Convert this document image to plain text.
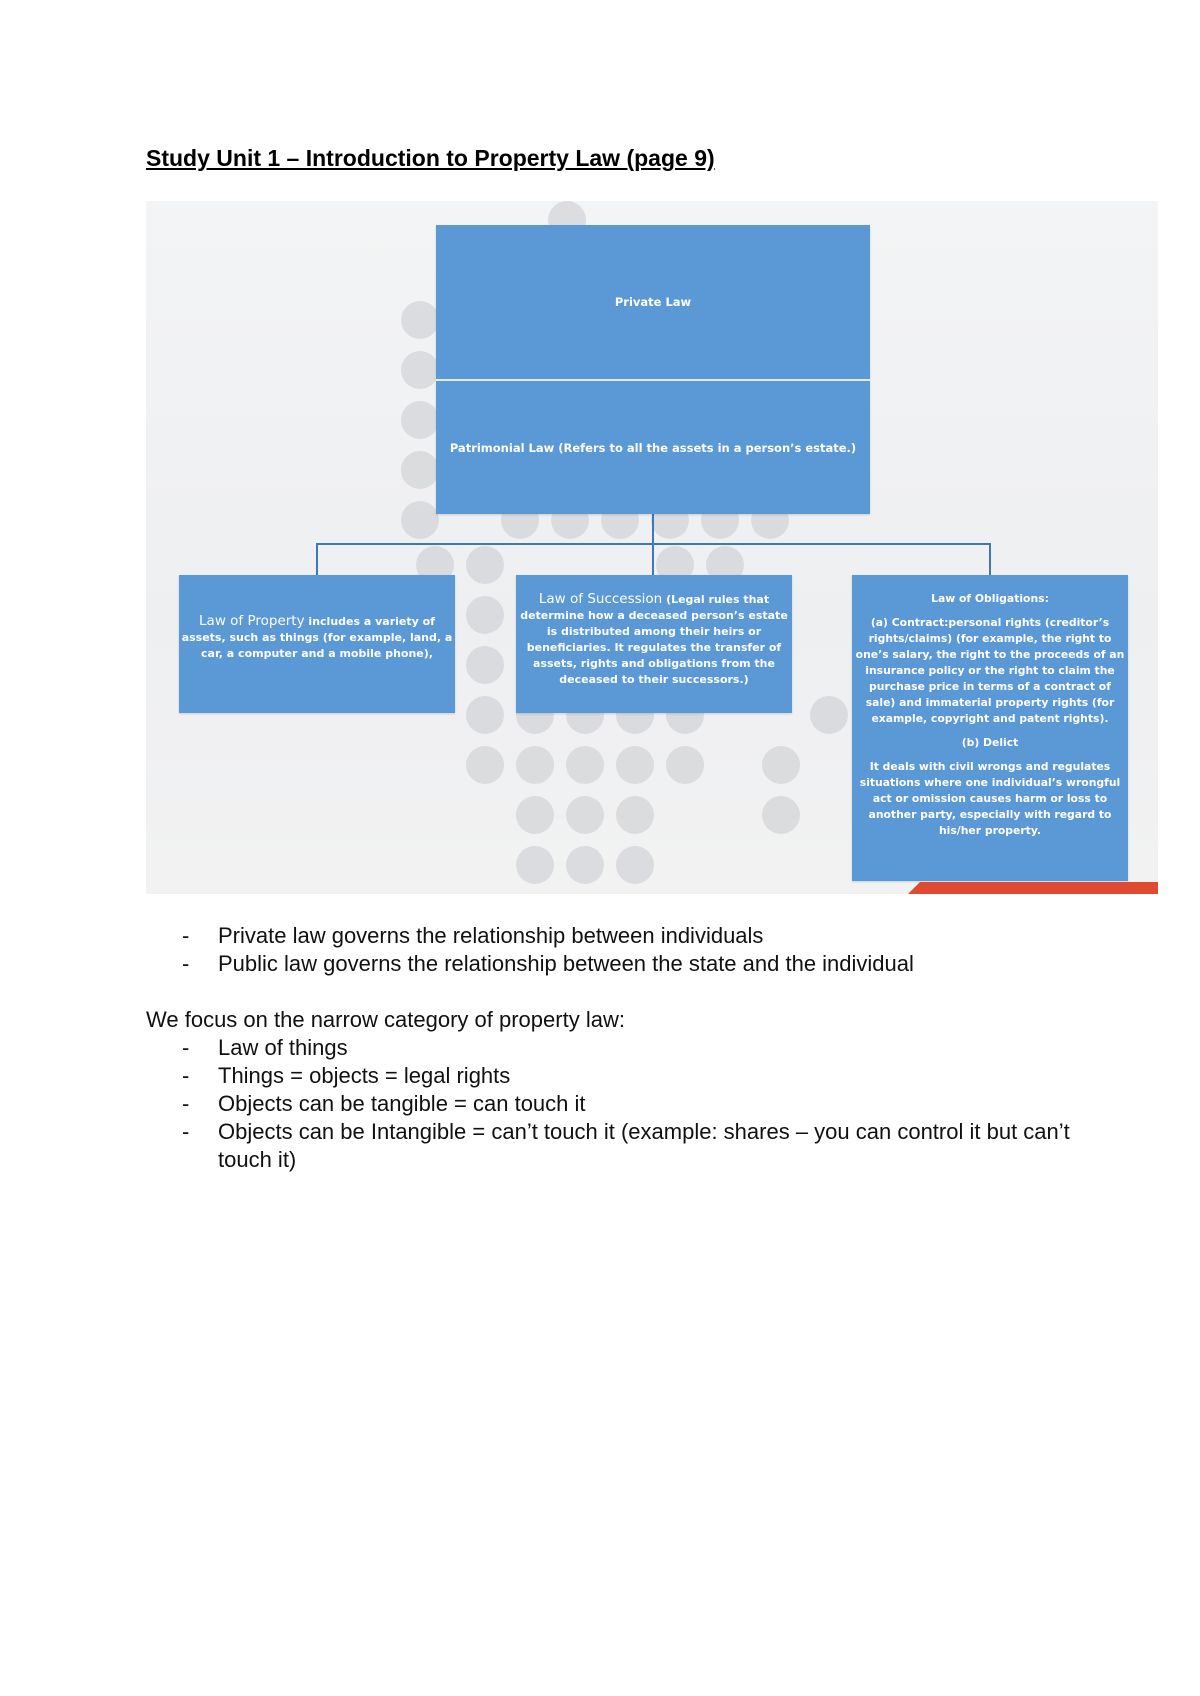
Study Unit 1 – Introduction to Property Law (page 9)
Private Law
Patrimonial Law (Refers to all the assets in a person’s estate.)
Law of Property includes a variety of assets, such as things (for example, land, a car, a computer and a mobile phone),
Law of Succession (Legal rules that determine how a deceased person’s estate is distributed among their heirs or beneficiaries. It regulates the transfer of assets, rights and obligations from the deceased to their successors.)
Law of Obligations:
(a) Contract:personal rights (creditor’s rights/claims) (for example, the right to one’s salary, the right to the proceeds of an insurance policy or the right to claim the purchase price in terms of a contract of sale) and immaterial property rights (for example, copyright and patent rights).
(b) Delict
It deals with civil wrongs and regulates situations where one individual’s wrongful act or omission causes harm or loss to another party, especially with regard to his/her property.
- Private law governs the relationship between individuals
- Public law governs the relationship between the state and the individual
We focus on the narrow category of property law:
- Law of things
- Things = objects = legal rights
- Objects can be tangible = can touch it
- Objects can be Intangible = can’t touch it (example: shares – you can control it but can’t touch it)
